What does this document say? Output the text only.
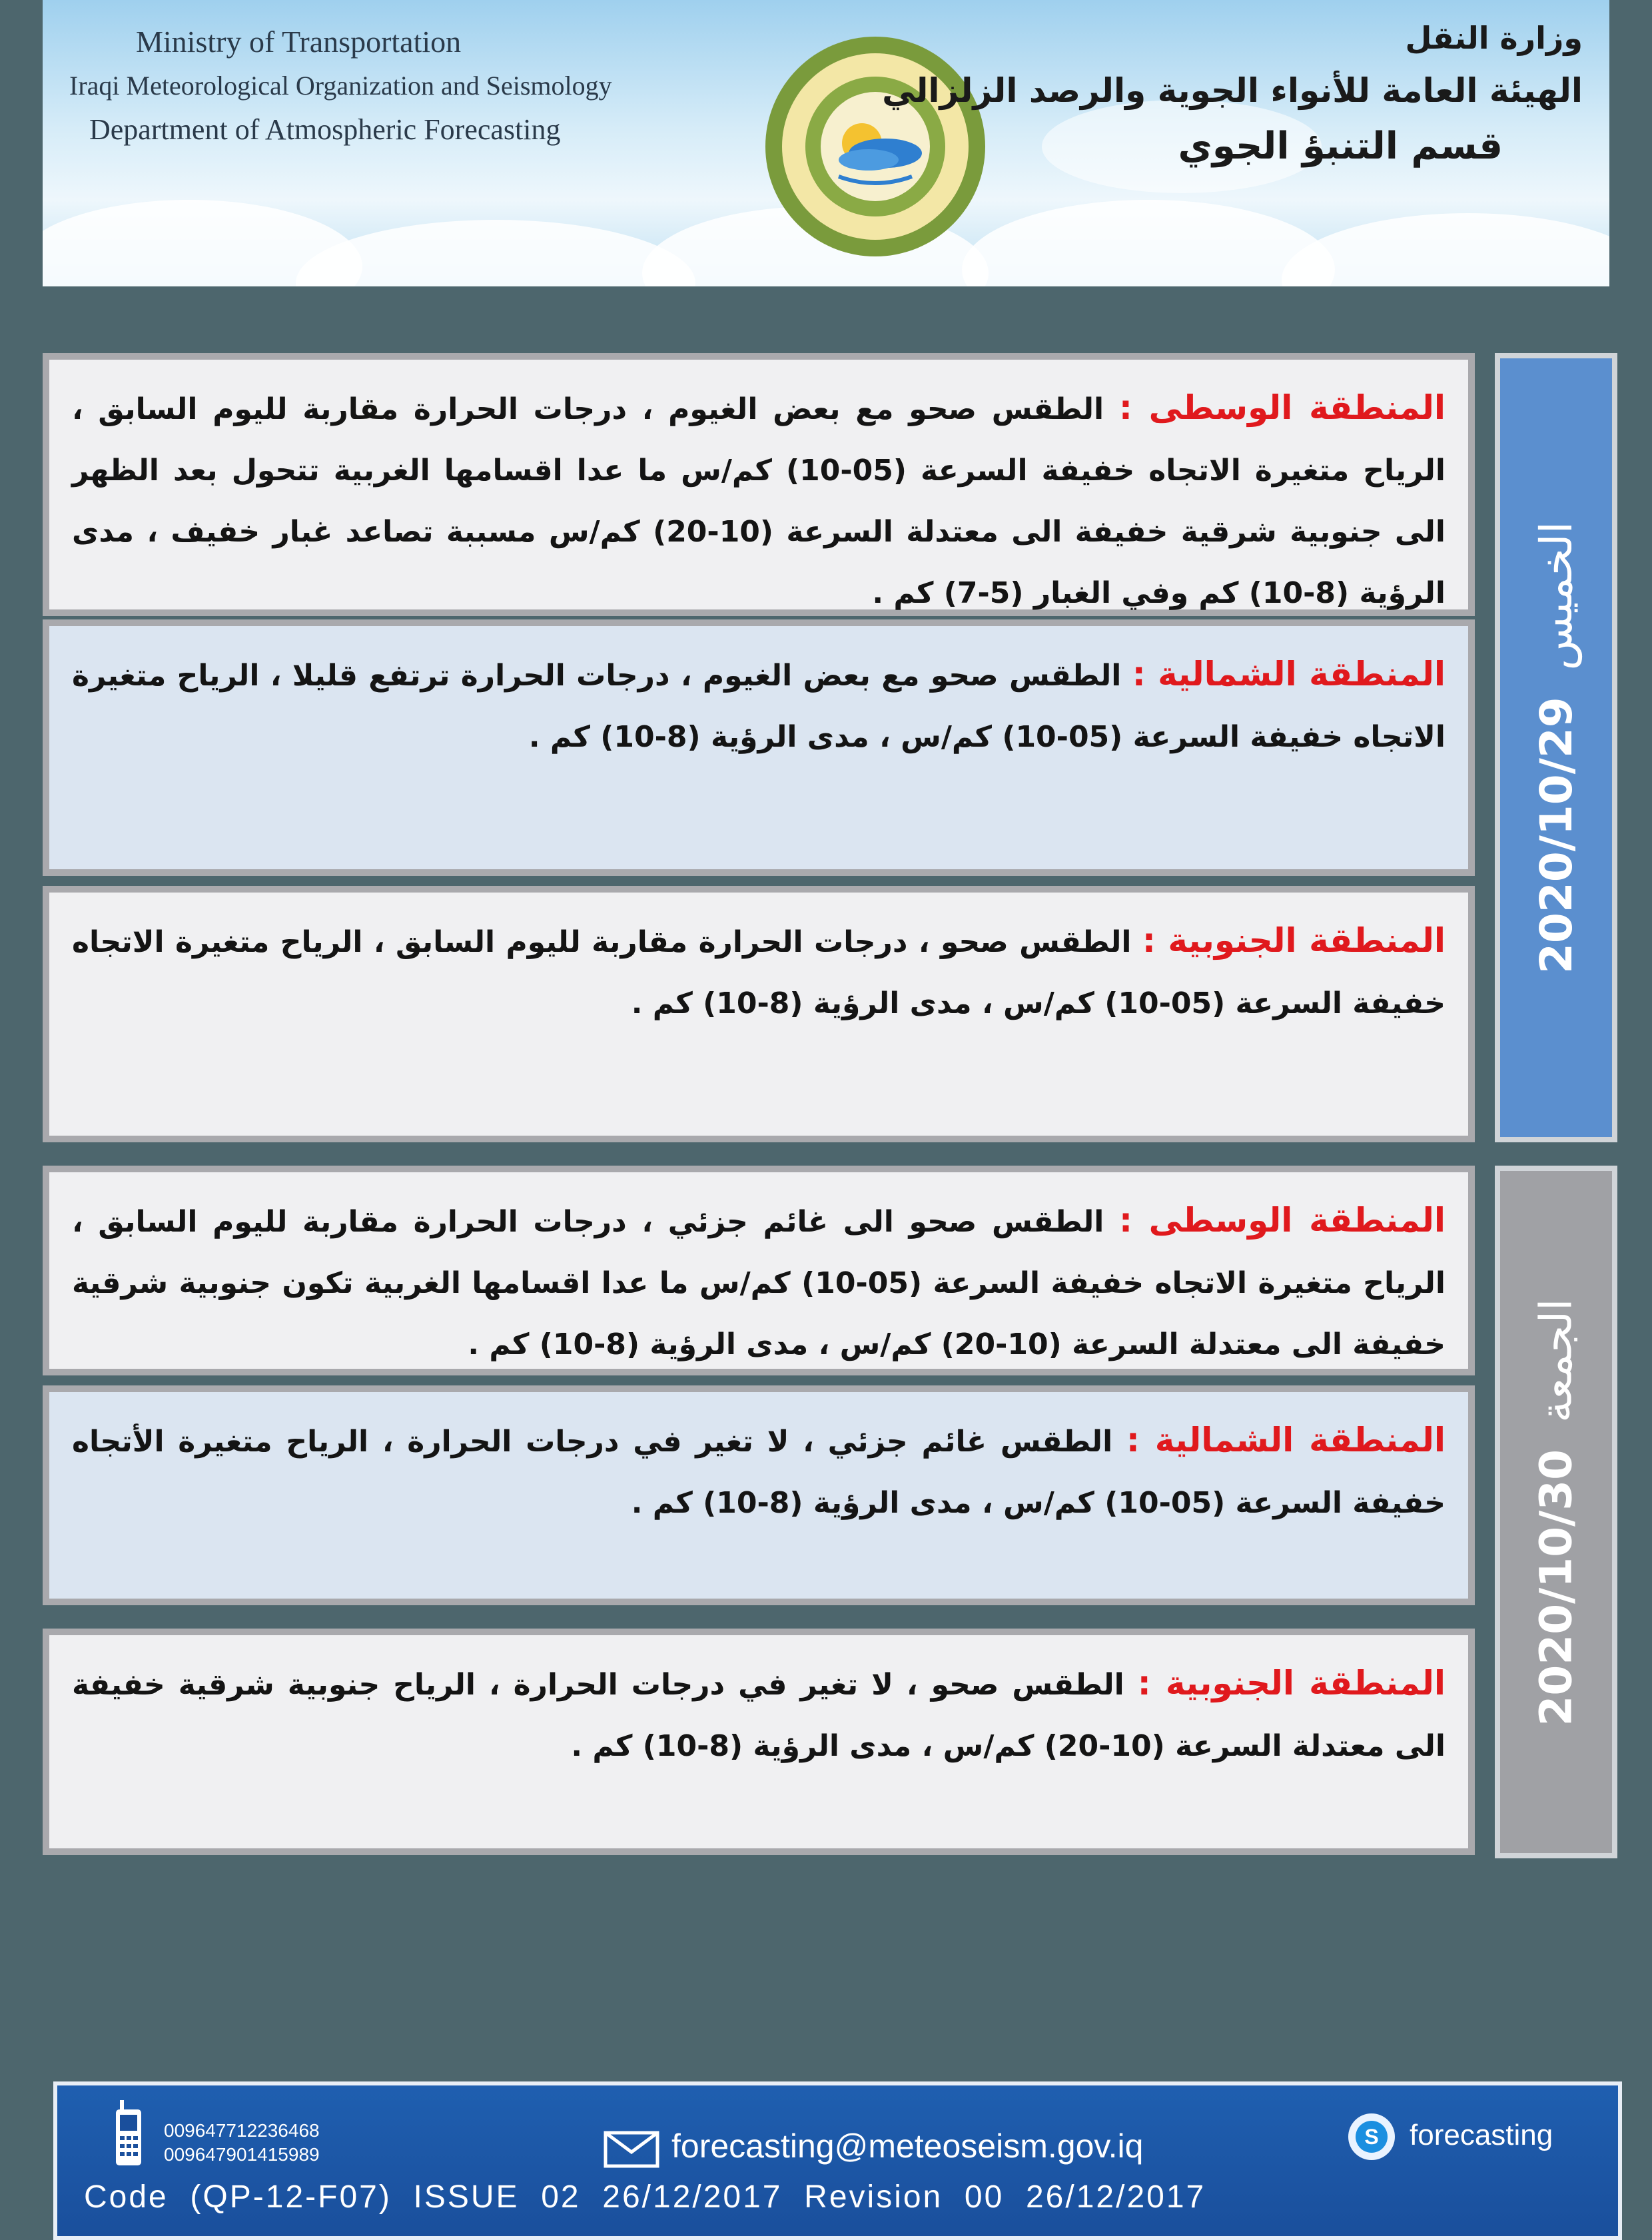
Ministry of Transportation
Iraqi Meteorological Organization and Seismology
Department of Atmospheric Forecasting
وزارة النقل
الهيئة العامة للأنواء الجوية والرصد الزلزالي
قسم التنبؤ الجوي
المنطقة الوسطى : الطقس صحو مع بعض الغيوم ، درجات الحرارة مقاربة لليوم السابق ، الرياح متغيرة الاتجاه خفيفة السرعة (05-10) كم/س ما عدا اقسامها الغربية تتحول بعد الظهر الى جنوبية شرقية خفيفة الى معتدلة السرعة (10-20) كم/س مسببة تصاعد غبار خفيف ، مدى الرؤية (8-10) كم وفي الغبار (5-7) كم .
المنطقة الشمالية : الطقس صحو مع بعض الغيوم ، درجات الحرارة ترتفع قليلا ، الرياح متغيرة الاتجاه خفيفة السرعة (05-10) كم/س ، مدى الرؤية (8-10) كم .
المنطقة الجنوبية : الطقس صحو ، درجات الحرارة مقاربة لليوم السابق ، الرياح متغيرة الاتجاه خفيفة السرعة (05-10) كم/س ، مدى الرؤية (8-10) كم .
الخميس
2020/10/29
المنطقة الوسطى : الطقس صحو الى غائم جزئي ، درجات الحرارة مقاربة لليوم السابق ، الرياح متغيرة الاتجاه خفيفة السرعة (05-10) كم/س ما عدا اقسامها الغربية تكون جنوبية شرقية خفيفة الى معتدلة السرعة (10-20) كم/س ، مدى الرؤية (8-10) كم .
المنطقة الشمالية : الطقس غائم جزئي ، لا تغير في درجات الحرارة ، الرياح متغيرة الأتجاه خفيفة السرعة (05-10) كم/س ، مدى الرؤية (8-10) كم .
المنطقة الجنوبية : الطقس صحو ، لا تغير في درجات الحرارة ، الرياح جنوبية شرقية خفيفة الى معتدلة السرعة (10-20) كم/س ، مدى الرؤية (8-10) كم .
الجمعة
2020/10/30
009647712236468
009647901415989	forecasting@meteoseism.gov.iq	S forecasting
Code  (QP-12-F07)  ISSUE  02  26/12/2017  Revision  00  26/12/2017
